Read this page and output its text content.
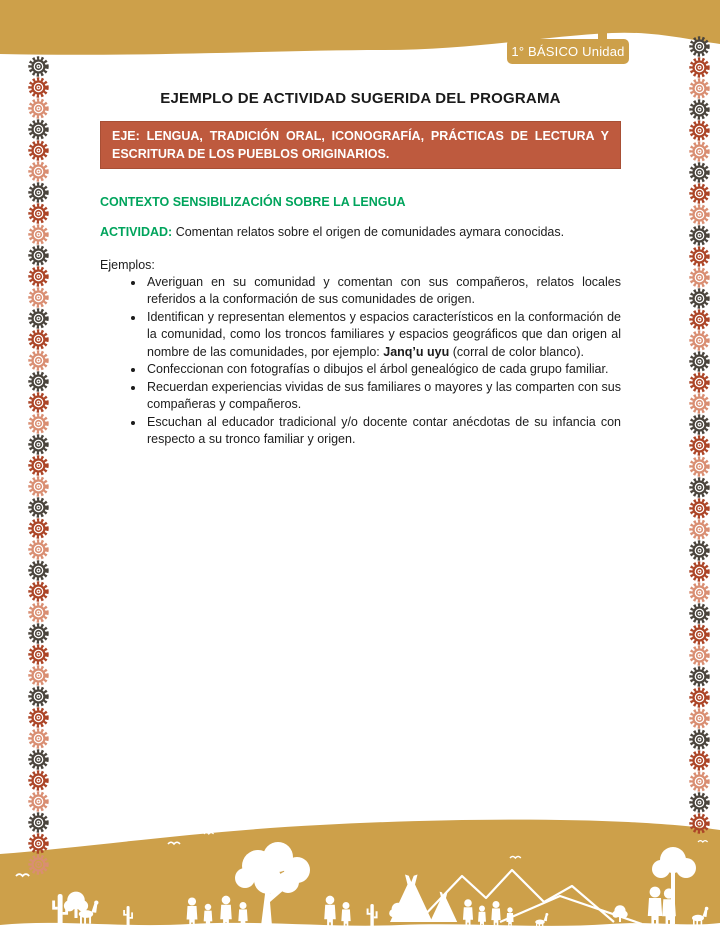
1° BÁSICO Unidad 3
EJEMPLO DE ACTIVIDAD SUGERIDA DEL PROGRAMA
EJE: LENGUA, TRADICIÓN ORAL, ICONOGRAFÍA, PRÁCTICAS DE LECTURA Y ESCRITURA DE LOS PUEBLOS ORIGINARIOS.
CONTEXTO SENSIBILIZACIÓN SOBRE LA LENGUA

ACTIVIDAD: Comentan relatos sobre el origen de comunidades aymara conocidas.

Ejemplos:
• Averiguan en su comunidad y comentan con sus compañeros, relatos locales referidos a la conformación de sus comunidades de origen.
• Identifican y representan elementos y espacios característicos en la conformación de la comunidad, como los troncos familiares y espacios geográficos que dan origen al nombre de las comunidades, por ejemplo: Janq’u uyu (corral de color blanco).
• Confeccionan con fotografías o dibujos el árbol genealógico de cada grupo familiar.
• Recuerdan experiencias vividas de sus familiares o mayores y las comparten con sus compañeras y compañeros.
• Escuchan al educador tradicional y/o docente contar anécdotas de su infancia con respecto a su tronco familiar y origen.
